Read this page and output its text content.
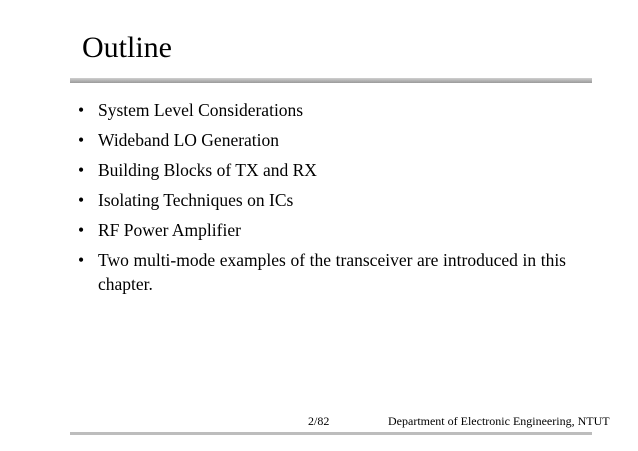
Outline
• System Level Considerations
• Wideband LO Generation
• Building Blocks of TX and RX
• Isolating Techniques on ICs
• RF Power Amplifier
• Two multi-mode examples of the transceiver are introduced in this chapter.
2/82	Department of Electronic Engineering, NTUT
